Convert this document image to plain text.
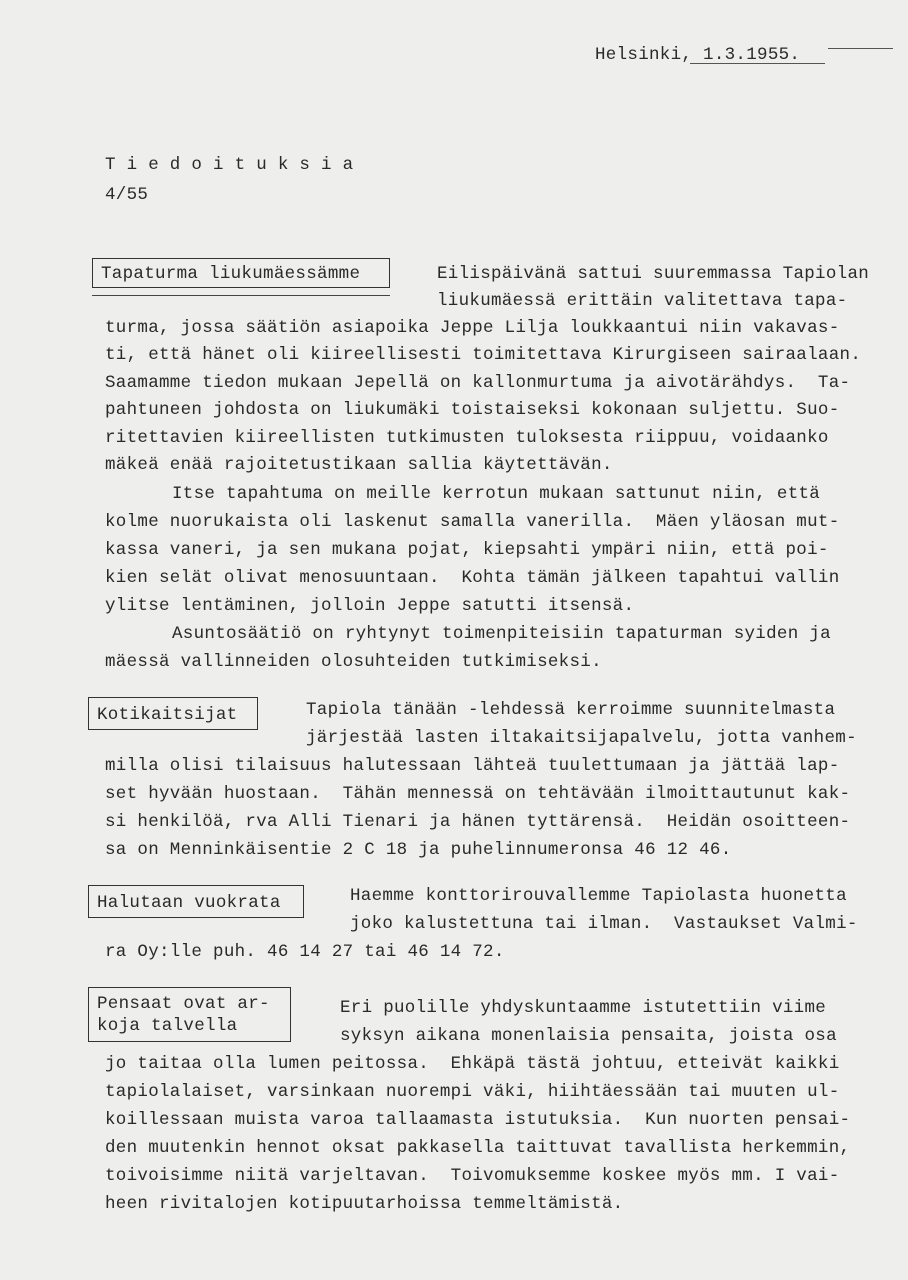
Helsinki, 1.3.1955.
T i e d o i t u k s i a
4/55
Tapaturma liukumäessämme	Eilispäivänä sattui suuremmassa Tapiolan
liukumäessä erittäin valitettava tapa-
turma, jossa säätiön asiapoika Jeppe Lilja loukkaantui niin vakavas-
ti, että hänet oli kiireellisesti toimitettava Kirurgiseen sairaalaan.
Saamamme tiedon mukaan Jepellä on kallonmurtuma ja aivotärähdys.  Ta-
pahtuneen johdosta on liukumäki toistaiseksi kokonaan suljettu. Suo-
ritettavien kiireellisten tutkimusten tuloksesta riippuu, voidaanko
mäkeä enää rajoitetustikaan sallia käytettävän.
Itse tapahtuma on meille kerrotun mukaan sattunut niin, että
kolme nuorukaista oli laskenut samalla vanerilla.  Mäen yläosan mut-
kassa vaneri, ja sen mukana pojat, kiepsahti ympäri niin, että poi-
kien selät olivat menosuuntaan.  Kohta tämän jälkeen tapahtui vallin
ylitse lentäminen, jolloin Jeppe satutti itsensä.
Asuntosäätiö on ryhtynyt toimenpiteisiin tapaturman syiden ja
mäessä vallinneiden olosuhteiden tutkimiseksi.
Kotikaitsijat	Tapiola tänään -lehdessä kerroimme suunnitelmasta
järjestää lasten iltakaitsijapalvelu, jotta vanhem-
milla olisi tilaisuus halutessaan lähteä tuulettumaan ja jättää lap-
set hyvään huostaan.  Tähän mennessä on tehtävään ilmoittautunut kak-
si henkilöä, rva Alli Tienari ja hänen tyttärensä.  Heidän osoitteen-
sa on Menninkäisentie 2 C 18 ja puhelinnumeronsa 46 12 46.
Halutaan vuokrata	Haemme konttorirouvallemme Tapiolasta huonetta
joko kalustettuna tai ilman.  Vastaukset Valmi-
ra Oy:lle puh. 46 14 27 tai 46 14 72.
Pensaat ovat ar-
koja talvella
Eri puolille yhdyskuntaamme istutettiin viime
syksyn aikana monenlaisia pensaita, joista osa
jo taitaa olla lumen peitossa.  Ehkäpä tästä johtuu, etteivät kaikki
tapiolalaiset, varsinkaan nuorempi väki, hiihtäessään tai muuten ul-
koillessaan muista varoa tallaamasta istutuksia.  Kun nuorten pensai-
den muutenkin hennot oksat pakkasella taittuvat tavallista herkemmin,
toivoisimme niitä varjeltavan.  Toivomuksemme koskee myös mm. I vai-
heen rivitalojen kotipuutarhoissa temmeltämistä.
